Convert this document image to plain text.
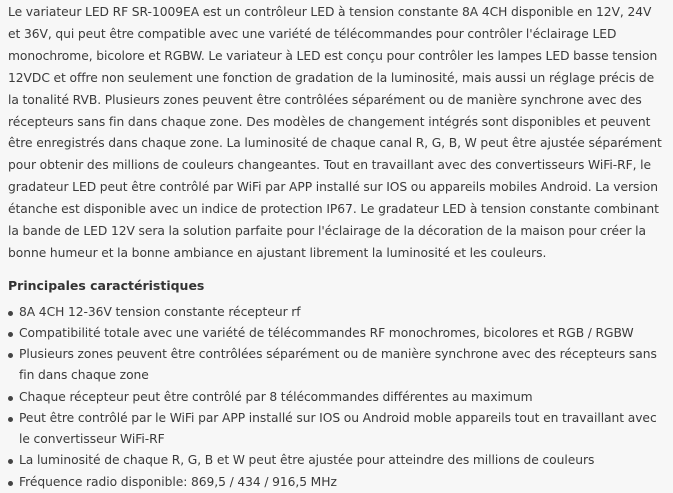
Le variateur LED RF SR-1009EA est un contrôleur LED à tension constante 8A 4CH disponible en 12V, 24V et 36V, qui peut être compatible avec une variété de télécommandes pour contrôler l'éclairage LED monochrome, bicolore et RGBW. Le variateur à LED est conçu pour contrôler les lampes LED basse tension 12VDC et offre non seulement une fonction de gradation de la luminosité, mais aussi un réglage précis de la tonalité RVB. Plusieurs zones peuvent être contrôlées séparément ou de manière synchrone avec des récepteurs sans fin dans chaque zone. Des modèles de changement intégrés sont disponibles et peuvent être enregistrés dans chaque zone. La luminosité de chaque canal R, G, B, W peut être ajustée séparément pour obtenir des millions de couleurs changeantes. Tout en travaillant avec des convertisseurs WiFi-RF, le gradateur LED peut être contrôlé par WiFi par APP installé sur IOS ou appareils mobiles Android. La version étanche est disponible avec un indice de protection IP67. Le gradateur LED à tension constante combinant la bande de LED 12V sera la solution parfaite pour l'éclairage de la décoration de la maison pour créer la bonne humeur et la bonne ambiance en ajustant librement la luminosité et les couleurs.

Principales caractéristiques
8A 4CH 12-36V tension constante récepteur rf
Compatibilité totale avec une variété de télécommandes RF monochromes, bicolores et RGB / RGBW
Plusieurs zones peuvent être contrôlées séparément ou de manière synchrone avec des récepteurs sans fin dans chaque zone
Chaque récepteur peut être contrôlé par 8 télécommandes différentes au maximum
Peut être contrôlé par le WiFi par APP installé sur IOS ou Android moble appareils tout en travaillant avec le convertisseur WiFi-RF
La luminosité de chaque R, G, B et W peut être ajustée pour atteindre des millions de couleurs
Fréquence radio disponible: 869,5 / 434 / 916,5 MHz
